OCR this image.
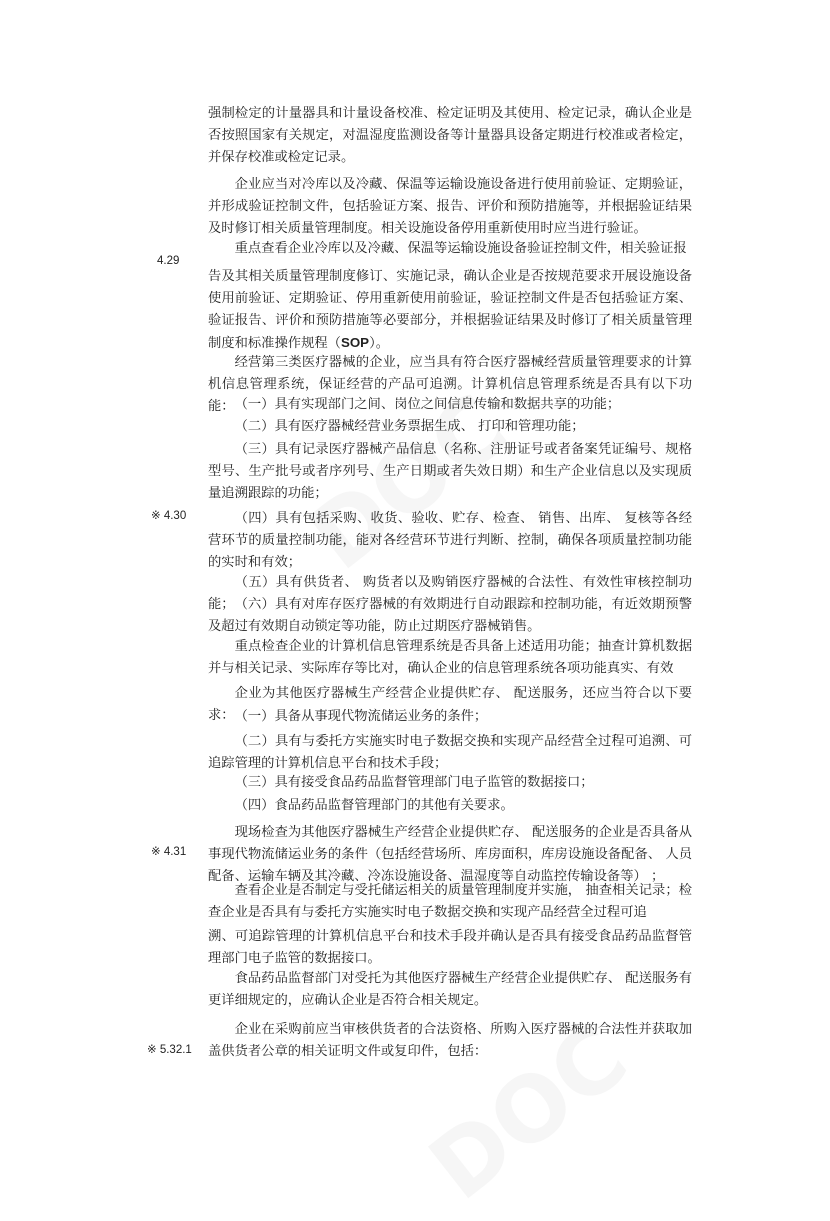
4.29
※ 4.30
※ 4.31
※ 5.32.1

强制检定的计量器具和计量设备校准、检定证明及其使用、检定记录，确认企业是否按照国家有关规定，对温湿度监测设备等计量器具设备定期进行校准或者检定，并保存校准或检定记录。

企业应当对冷库以及冷藏、保温等运输设施设备进行使用前验证、定期验证，并形成验证控制文件，包括验证方案、报告、评价和预防措施等，并根据验证结果及时修订相关质量管理制度。相关设施设备停用重新使用时应当进行验证。

重点查看企业冷库以及冷藏、保温等运输设施设备验证控制文件，相关验证报

告及其相关质量管理制度修订、实施记录，确认企业是否按规范要求开展设施设备使用前验证、定期验证、停用重新使用前验证，验证控制文件是否包括验证方案、验证报告、评价和预防措施等必要部分，并根据验证结果及时修订了相关质量管理制度和标准操作规程（SOP）。

经营第三类医疗器械的企业，应当具有符合医疗器械经营质量管理要求的计算机信息管理系统，保证经营的产品可追溯。计算机信息管理系统是否具有以下功能： （一）具有实现部门之间、岗位之间信息传输和数据共享的功能；

（二）具有医疗器械经营业务票据生成、 打印和管理功能；

（三）具有记录医疗器械产品信息（名称、注册证号或者备案凭证编号、规格型号、生产批号或者序列号、生产日期或者失效日期）和生产企业信息以及实现质量追溯跟踪的功能；

（四）具有包括采购、收货、验收、贮存、检查、 销售、出库、 复核等各经营环节的质量控制功能，能对各经营环节进行判断、控制，确保各项质量控制功能的实时和有效；

（五）具有供货者、 购货者以及购销医疗器械的合法性、有效性审核控制功能； （六）具有对库存医疗器械的有效期进行自动跟踪和控制功能，有近效期预警及超过有效期自动锁定等功能，防止过期医疗器械销售。

重点检查企业的计算机信息管理系统是否具备上述适用功能；抽查计算机数据并与相关记录、实际库存等比对，确认企业的信息管理系统各项功能真实、有效

企业为其他医疗器械生产经营企业提供贮存、 配送服务，还应当符合以下要求： （一）具备从事现代物流储运业务的条件；

（二）具有与委托方实施实时电子数据交换和实现产品经营全过程可追溯、可追踪管理的计算机信息平台和技术手段；

（三）具有接受食品药品监督管理部门电子监管的数据接口；

（四）食品药品监督管理部门的其他有关要求。

现场检查为其他医疗器械生产经营企业提供贮存、 配送服务的企业是否具备从事现代物流储运业务的条件（包括经营场所、库房面积，库房设施设备配备、 人员配备、运输车辆及其冷藏、冷冻设施设备、温湿度等自动监控传输设备等） ；

查看企业是否制定与受托储运相关的质量管理制度并实施， 抽查相关记录；检查企业是否具有与委托方实施实时电子数据交换和实现产品经营全过程可追

溯、可追踪管理的计算机信息平台和技术手段并确认是否具有接受食品药品监督管理部门电子监管的数据接口。

食品药品监督部门对受托为其他医疗器械生产经营企业提供贮存、 配送服务有更详细规定的，应确认企业是否符合相关规定。

企业在采购前应当审核供货者的合法资格、所购入医疗器械的合法性并获取加盖供货者公章的相关证明文件或复印件，包括：
